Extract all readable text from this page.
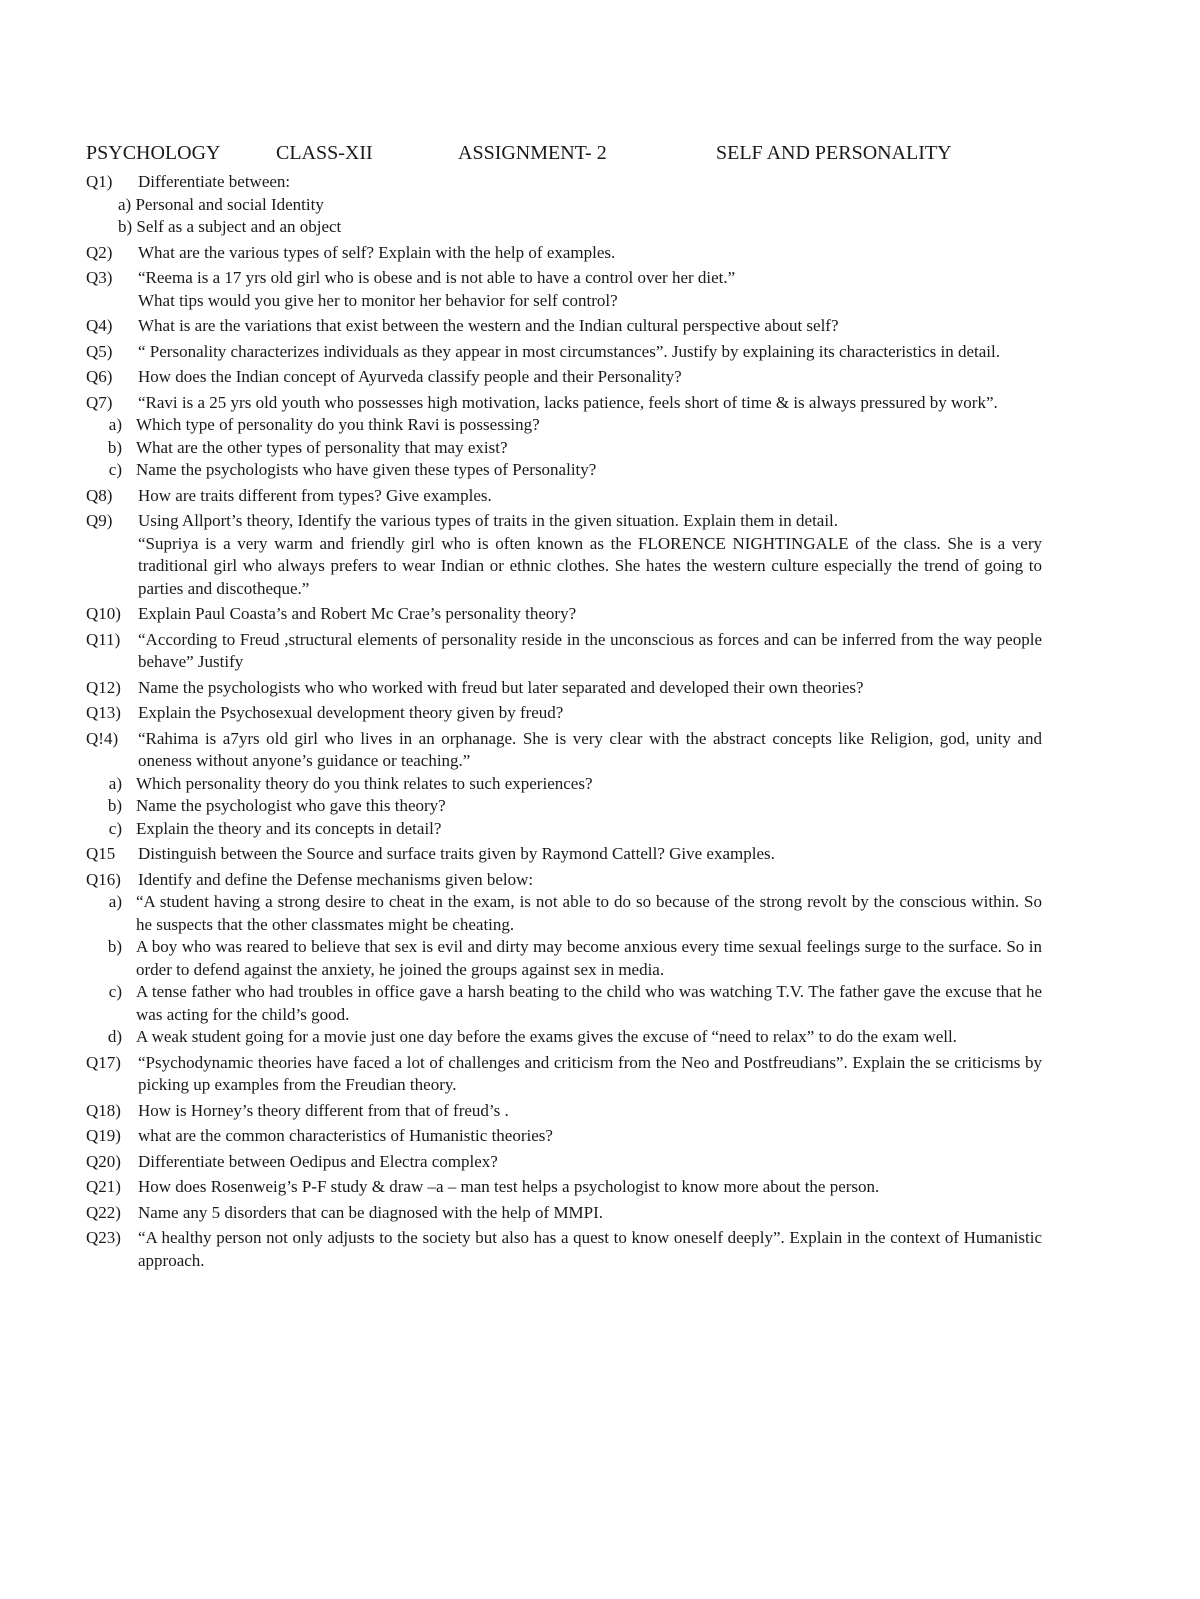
PSYCHOLOGY	CLASS-XII	ASSIGNMENT- 2	SELF AND PERSONALITY
Q1)	Differentiate between:
a) Personal and social Identity
b) Self as a subject and an object
Q2)	What are the various types of self? Explain with the help of examples.
Q3)	“Reema is a 17 yrs old girl who is obese and is not able to have a control over her diet.”
What tips would you give her to monitor her behavior for self control?
Q4)	What is are the variations that exist between the western and the Indian cultural perspective about self?
Q5)	“ Personality characterizes individuals as they appear in most circumstances”. Justify by explaining its characteristics in detail.
Q6)	How does the Indian concept of Ayurveda classify people and their Personality?
Q7)	“Ravi is a 25 yrs old youth who possesses high motivation, lacks patience, feels short of time & is always pressured by work”.
a) Which type of personality do you think Ravi is possessing?
b) What are the other types of personality that may exist?
c) Name the psychologists who have given these types of Personality?
Q8)	How are traits different from types? Give examples.
Q9)	Using Allport’s theory, Identify the various types of traits in the given situation. Explain them in detail.
“Supriya is a very warm and friendly girl who is often known as the FLORENCE NIGHTINGALE of the class. She is a very traditional girl who always prefers to wear Indian or ethnic clothes. She hates the western culture especially the trend of going to parties and discotheque.”
Q10)	Explain Paul Coasta’s and Robert Mc Crae’s personality theory?
Q11)	“According to Freud ,structural elements of personality reside in the unconscious as forces and can be inferred from the way people behave” Justify
Q12)	Name the psychologists who who worked with freud but later separated and developed their own theories?
Q13)	Explain the Psychosexual development theory given by freud?
Q!4)	“Rahima is a7yrs old girl who lives in an orphanage. She is very clear with the abstract concepts like Religion, god, unity and oneness without anyone’s guidance or teaching.”
a) Which personality theory do you think relates to such experiences?
b) Name the psychologist who gave this theory?
c) Explain the theory and its concepts in detail?
Q15	Distinguish between the Source and surface traits given by Raymond Cattell? Give examples.
Q16)	Identify and define the Defense mechanisms given below:
a) “A student having a strong desire to cheat in the exam, is not able to do so because of the strong revolt by the conscious within. So he suspects that the other classmates might be cheating.
b) A boy who was reared to believe that sex is evil and dirty may become anxious every time sexual feelings surge to the surface. So in order to defend against the anxiety, he joined the groups against sex in media.
c) A tense father who had troubles in office gave a harsh beating to the child who was watching T.V. The father gave the excuse that he was acting for the child’s good.
d) A weak student going for a movie just one day before the exams gives the excuse of “need to relax” to do the exam well.
Q17)	“Psychodynamic theories have faced a lot of challenges and criticism from the Neo and Postfreudians”. Explain the se criticisms by picking up examples from the Freudian theory.
Q18)	How is Horney’s theory different from that of freud’s .
Q19)	what are the common characteristics of Humanistic theories?
Q20)	Differentiate between Oedipus and Electra complex?
Q21)	How does Rosenweig’s P-F study & draw –a – man test helps a psychologist to know more about the person.
Q22)	Name any 5 disorders that can be diagnosed with the help of MMPI.
Q23)	“A healthy person not only adjusts to the society but also has a quest to know oneself deeply”. Explain in the context of Humanistic approach.
